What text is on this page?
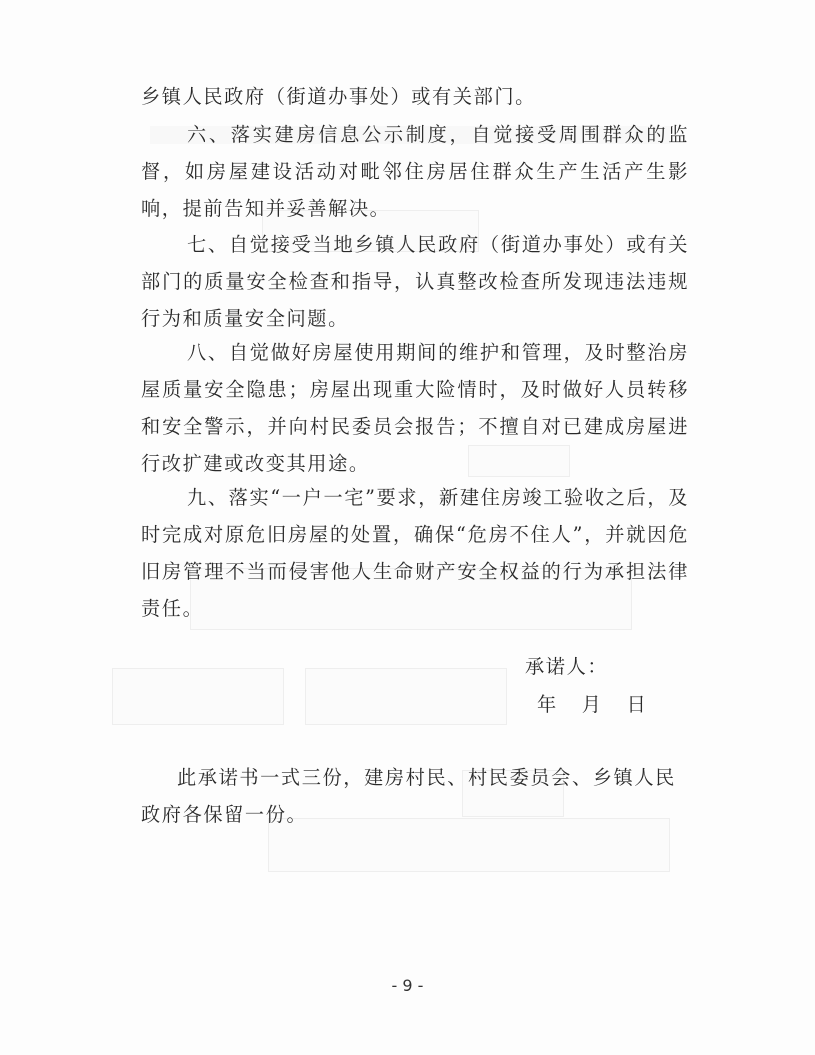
乡镇人民政府（街道办事处）或有关部门。

六、落实建房信息公示制度，自觉接受周围群众的监督，如房屋建设活动对毗邻住房居住群众生产生活产生影响，提前告知并妥善解决。

七、自觉接受当地乡镇人民政府（街道办事处）或有关部门的质量安全检查和指导，认真整改检查所发现违法违规行为和质量安全问题。

八、自觉做好房屋使用期间的维护和管理，及时整治房屋质量安全隐患；房屋出现重大险情时，及时做好人员转移和安全警示，并向村民委员会报告；不擅自对已建成房屋进行改扩建或改变其用途。

九、落实“一户一宅”要求，新建住房竣工验收之后，及时完成对原危旧房屋的处置，确保“危房不住人”，并就因危旧房管理不当而侵害他人生命财产安全权益的行为承担法律责任。

承诺人：
年 月 日

此承诺书一式三份，建房村民、村民委员会、乡镇人民政府各保留一份。

- 9 -
